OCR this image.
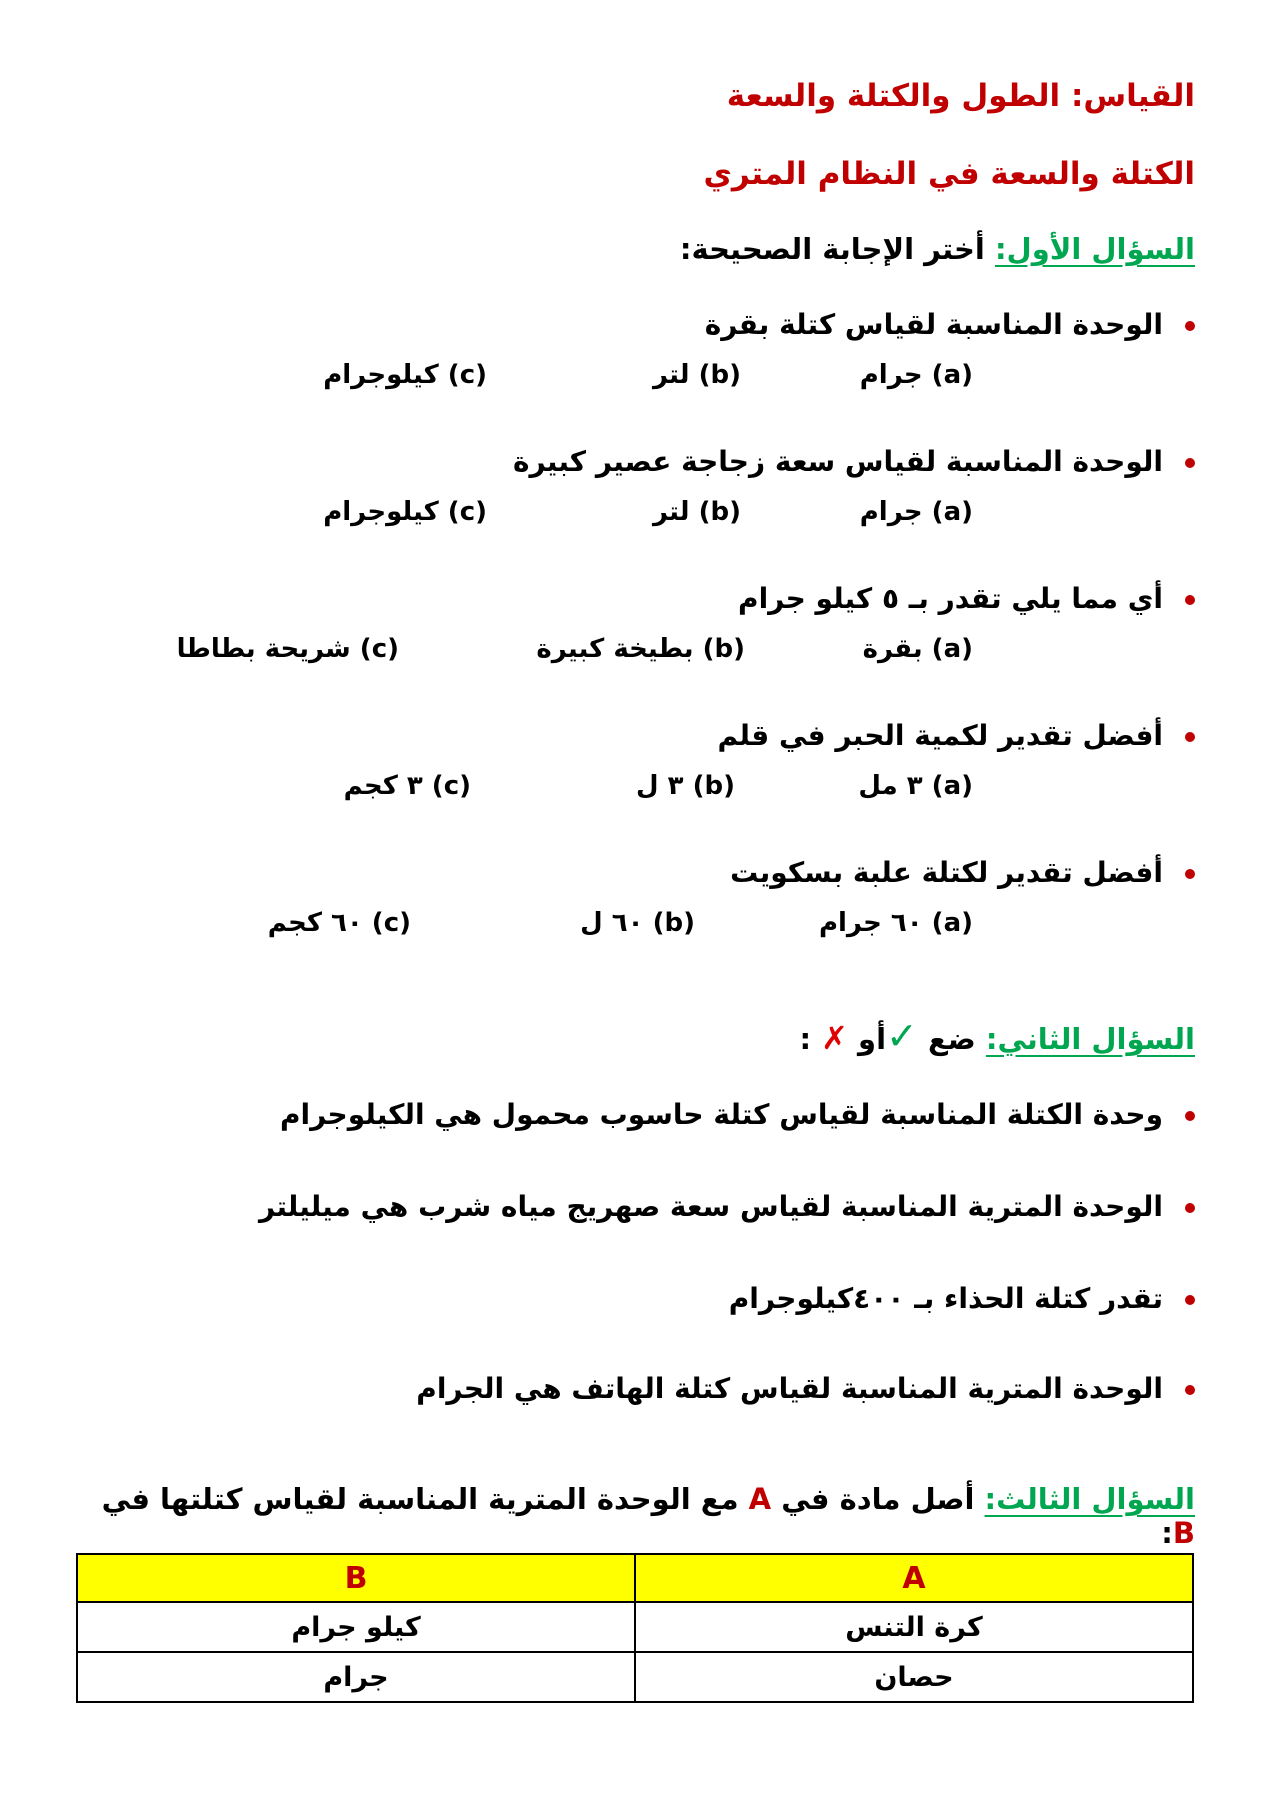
القياس: الطول والكتلة والسعة
الكتلة والسعة في النظام المتري
السؤال الأول: أختر الإجابة الصحيحة:
الوحدة المناسبة لقياس كتلة بقرة
(a) جرام
(b) لتر
(c) كيلوجرام
الوحدة المناسبة لقياس سعة زجاجة عصير كبيرة
(a) جرام
(b) لتر
(c) كيلوجرام
أي مما يلي تقدر بـ ٥ كيلو جرام
(a) بقرة
(b) بطيخة كبيرة
(c) شريحة بطاطا
أفضل تقدير لكمية الحبر في قلم
(a) ٣ مل
(b) ٣ ل
(c) ٣ كجم
أفضل تقدير لكتلة علبة بسكويت
(a) ٦٠ جرام
(b) ٦٠ ل
(c) ٦٠ كجم
السؤال الثاني: ضع ✓أو ✗ :
وحدة الكتلة المناسبة لقياس كتلة حاسوب محمول هي الكيلوجرام
الوحدة المترية المناسبة لقياس سعة صهريج مياه شرب هي ميليلتر
تقدر كتلة الحذاء بـ ٤٠٠كيلوجرام
الوحدة المترية المناسبة لقياس كتلة الهاتف هي الجرام
السؤال الثالث: أصل مادة في A مع الوحدة المترية المناسبة لقياس كتلتها في B:
A	B
كرة التنس	كيلو جرام
حصان	جرام
